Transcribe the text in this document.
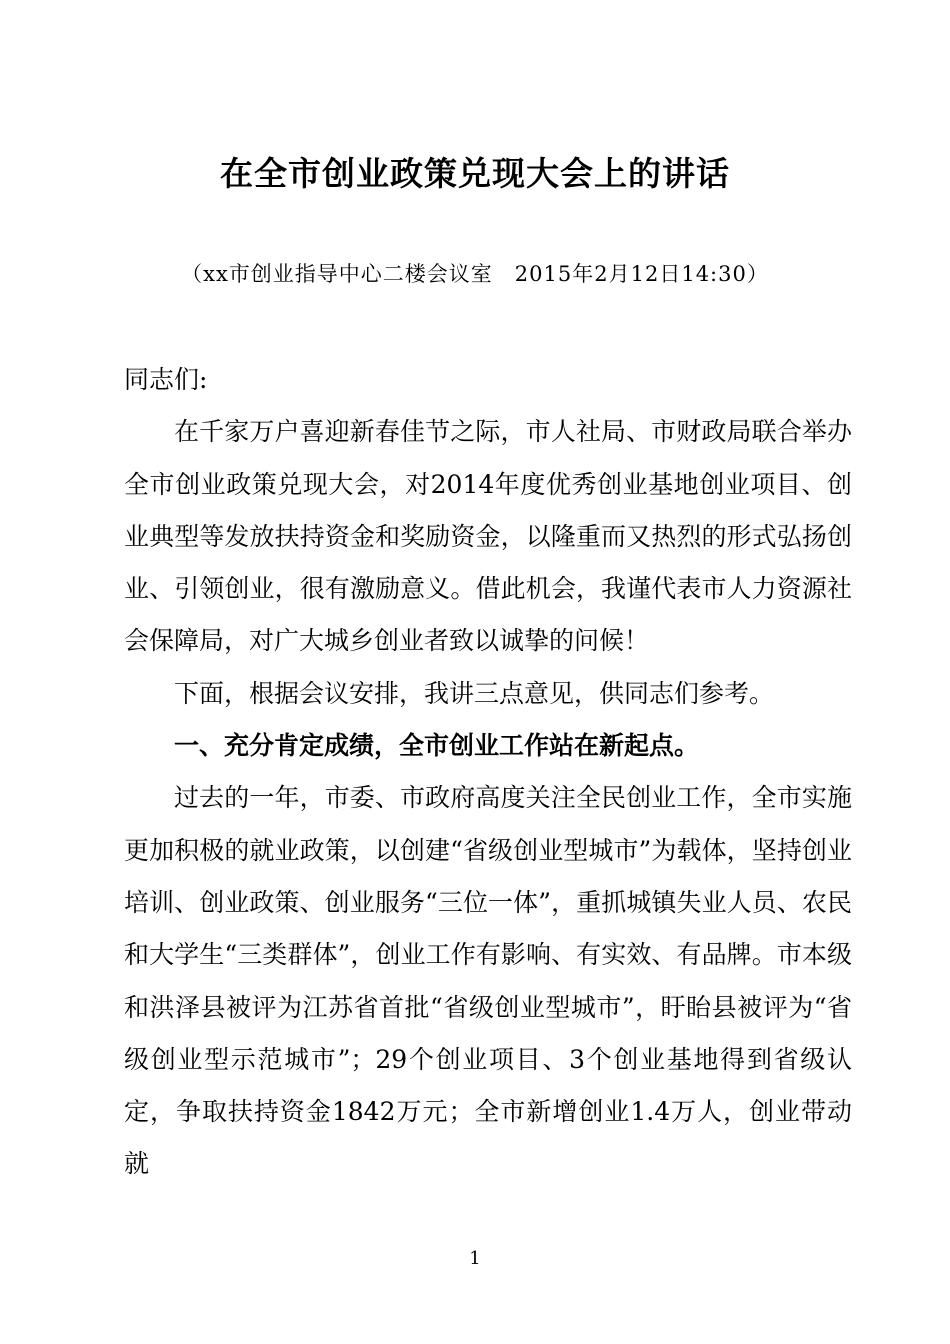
在全市创业政策兑现大会上的讲话

（xx市创业指导中心二楼会议室　2015年2月12日14:30）

同志们:

在千家万户喜迎新春佳节之际，市人社局、市财政局联合举办全市创业政策兑现大会，对2014年度优秀创业基地创业项目、创业典型等发放扶持资金和奖励资金，以隆重而又热烈的形式弘扬创业、引领创业，很有激励意义。借此机会，我谨代表市人力资源社会保障局，对广大城乡创业者致以诚挚的问候！

下面，根据会议安排，我讲三点意见，供同志们参考。

一、充分肯定成绩，全市创业工作站在新起点。

过去的一年，市委、市政府高度关注全民创业工作，全市实施更加积极的就业政策，以创建“省级创业型城市”为载体，坚持创业培训、创业政策、创业服务“三位一体”，重抓城镇失业人员、农民和大学生“三类群体”，创业工作有影响、有实效、有品牌。市本级和洪泽县被评为江苏省首批“省级创业型城市”，盱眙县被评为“省级创业型示范城市”；29个创业项目、3个创业基地得到省级认定，争取扶持资金1842万元；全市新增创业1.4万人，创业带动就

1
